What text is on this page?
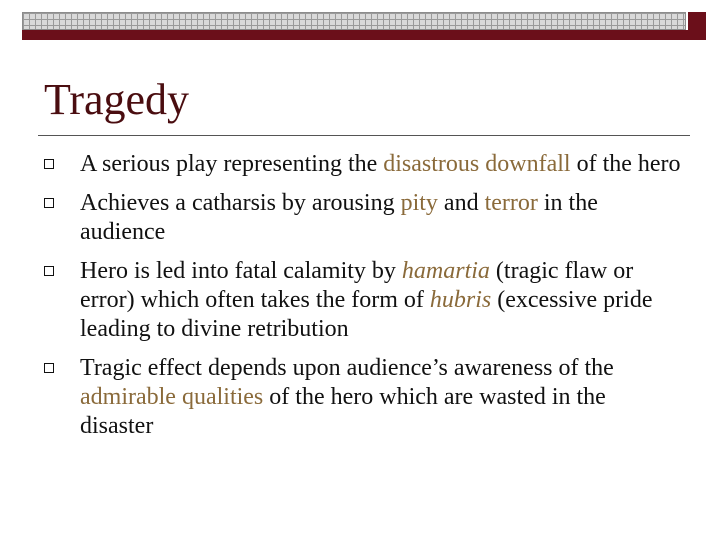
Tragedy
A serious play representing the disastrous downfall of the hero
Achieves a catharsis by arousing pity and terror in the audience
Hero is led into fatal calamity by hamartia (tragic flaw or error) which often takes the form of hubris (excessive pride leading to divine retribution
Tragic effect depends upon audience’s awareness of the admirable qualities of the hero which are wasted in the disaster
